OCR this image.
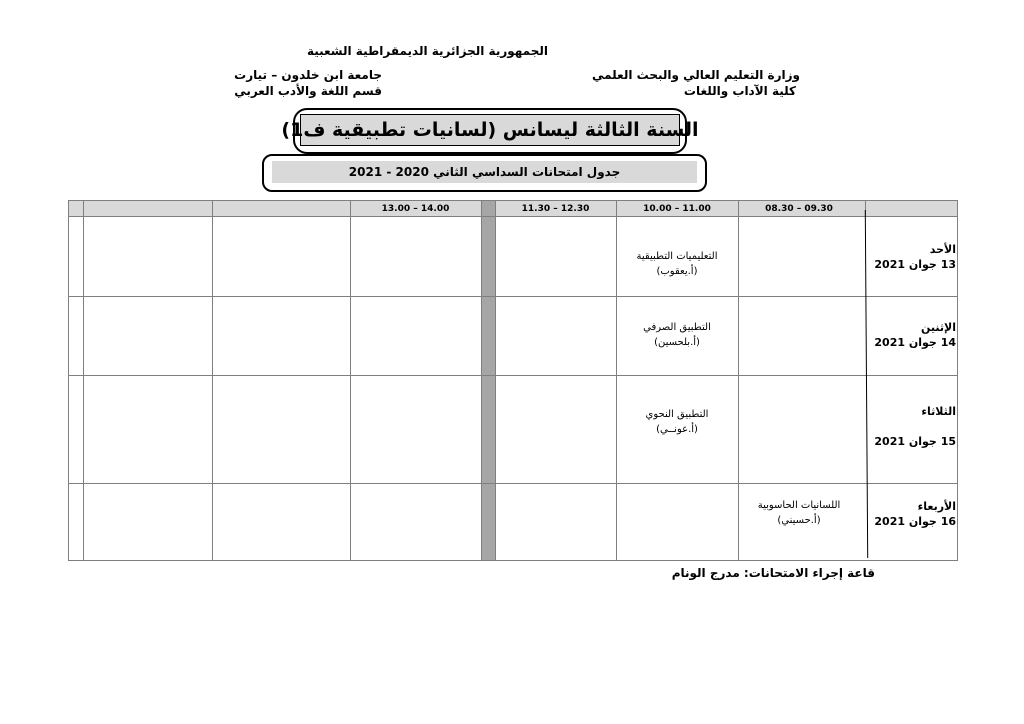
الجمهورية الجزائرية الديمقراطية الشعبية
وزارة التعليم العالي والبحث العلمي
كلية الآداب واللغات
جامعة ابن خلدون – تيارت
قسم اللغة والأدب العربي
السنة الثالثة ليسانس (لسانيات تطبيقية ف1)
جدول امتحانات السداسي الثاني 2020 - 2021
08.30 – 09.30
10.00 – 11.00
11.30 – 12.30
13.00 – 14.00
الأحد
13 جوان 2021
الإثنين
14 جوان 2021
الثلاثاء
15 جوان 2021
الأربعاء
16 جوان 2021
التعليميات التطبيقية
(أ.يعقوب)
التطبيق الصرفي
(أ.بلحسين)
التطبيق النحوي
(أ.عونــي)
اللسانيات الحاسوبية
(أ.حسيني)
قاعة إجراء الامتحانات: مدرج الونام
